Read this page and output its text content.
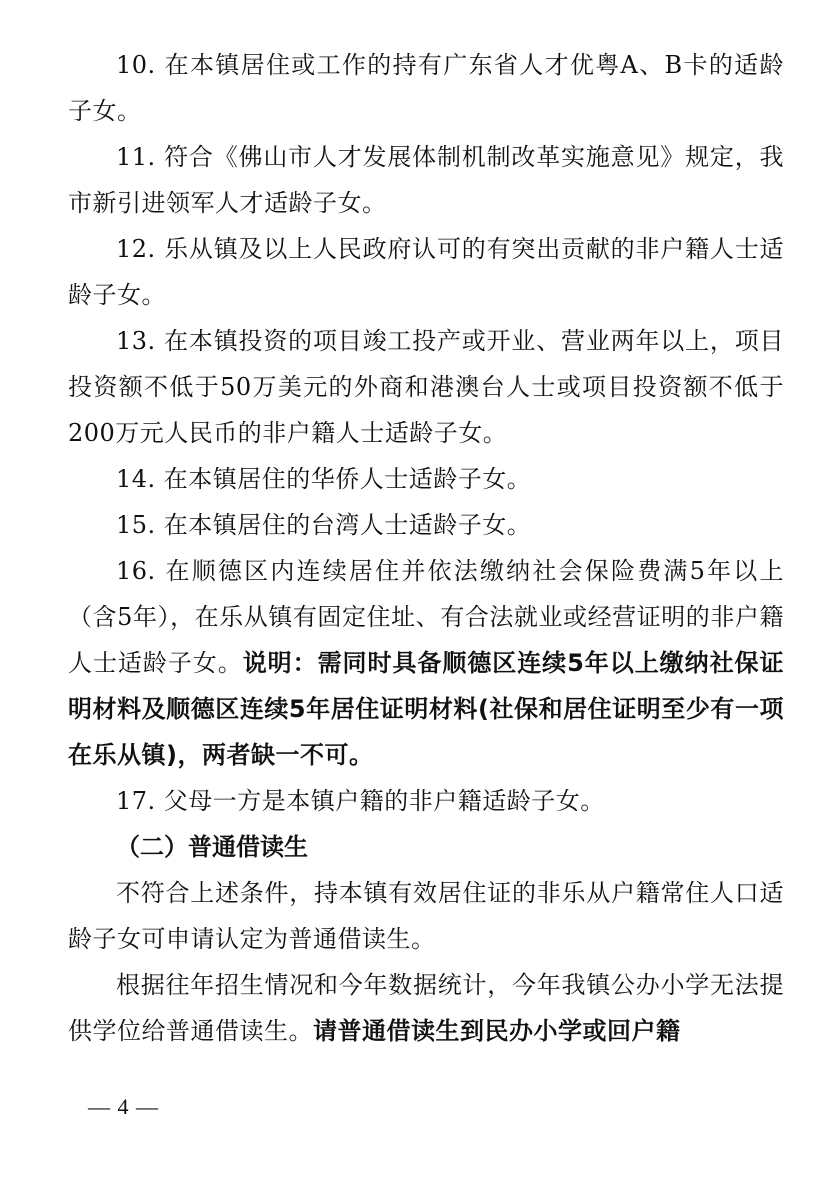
10. 在本镇居住或工作的持有广东省人才优粤A、B卡的适龄子女。

11. 符合《佛山市人才发展体制机制改革实施意见》规定，我市新引进领军人才适龄子女。

12. 乐从镇及以上人民政府认可的有突出贡献的非户籍人士适龄子女。

13. 在本镇投资的项目竣工投产或开业、营业两年以上，项目投资额不低于50万美元的外商和港澳台人士或项目投资额不低于200万元人民币的非户籍人士适龄子女。

14. 在本镇居住的华侨人士适龄子女。

15. 在本镇居住的台湾人士适龄子女。

16. 在顺德区内连续居住并依法缴纳社会保险费满5年以上（含5年），在乐从镇有固定住址、有合法就业或经营证明的非户籍人士适龄子女。说明：需同时具备顺德区连续5年以上缴纳社保证明材料及顺德区连续5年居住证明材料(社保和居住证明至少有一项在乐从镇)，两者缺一不可。

17. 父母一方是本镇户籍的非户籍适龄子女。

（二）普通借读生

不符合上述条件，持本镇有效居住证的非乐从户籍常住人口适龄子女可申请认定为普通借读生。

根据往年招生情况和今年数据统计，今年我镇公办小学无法提供学位给普通借读生。请普通借读生到民办小学或回户籍

— 4 —
